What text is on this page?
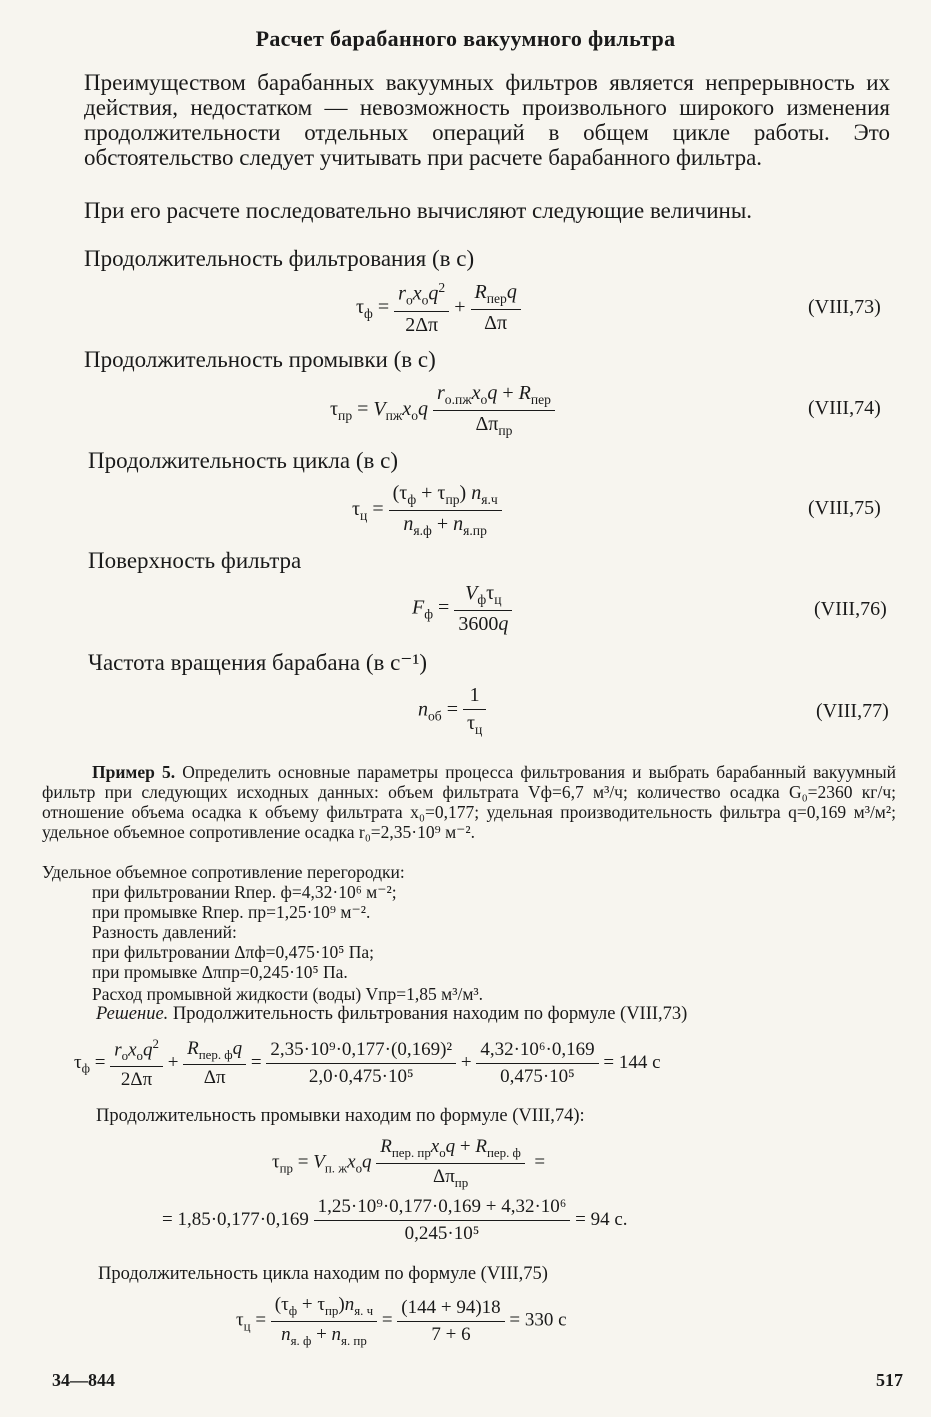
Расчет барабанного вакуумного фильтра
Преимуществом барабанных вакуумных фильтров является непрерывность их действия, недостатком — невозможность произвольного широкого изменения продолжительности отдельных операций в общем цикле работы. Это обстоятельство следует учитывать при расчете барабанного фильтра.
При его расчете последовательно вычисляют следующие величины.
Продолжительность фильтрования (в с)
$\tau_ф = \frac{r_оx_оq^2}{2\Delta\pi} + \frac{R_{пер}q}{\Delta\pi}$	(VIII,73)
Продолжительность промывки (в с)
$\tau_{пр} = V_{пж}x_оq \frac{r_{о.пж}x_оq + R_{пер}}{\Delta\pi_{пр}}$	(VIII,74)
Продолжительность цикла (в с)
$\tau_ц = \frac{(\tau_ф + \tau_{пр}) n_{я.ч}}{n_{я.ф} + n_{я.пр}}$	(VIII,75)
Поверхность фильтра
$F_ф = \frac{V_ф\tau_ц}{3600q}$	(VIII,76)
Частота вращения барабана (в с⁻¹)
$n_{об} = \frac{1}{\tau_ц}$	(VIII,77)
Пример 5. Определить основные параметры процесса фильтрования и выбрать барабанный вакуумный фильтр при следующих исходных данных: объем фильтрата Vф=6,7 м³/ч; количество осадка G₀=2360 кг/ч; отношение объема осадка к объему фильтрата x₀=0,177; удельная производительность фильтра q=0,169 м³/м²; удельное объемное сопротивление осадка r₀=2,35·10⁹ м⁻².
Удельное объемное сопротивление перегородки:
при фильтровании Rпер. ф=4,32·10⁶ м⁻²;
при промывке Rпер. пр=1,25·10⁹ м⁻².
Разность давлений:
при фильтровании Δπф=0,475·10⁵ Па;
при промывке Δπпр=0,245·10⁵ Па.
Расход промывной жидкости (воды) Vпр=1,85 м³/м³.
Решение. Продолжительность фильтрования находим по формуле (VIII,73)
$\tau_ф = \frac{r_оx_оq^2}{2\Delta\pi} + \frac{R_{пер. ф}q}{\Delta\pi} = \frac{\text{2,35·10⁹·0,177·(0,169)²}}{\text{2,0·0,475·10⁵}} + \frac{\text{4,32·10⁶·0,169}}{\text{0,475·10⁵}} = 144$ с
Продолжительность промывки находим по формуле (VIII,74):
$\tau_{пр} = V_{п. ж}x_оq \frac{R_{пер. пр}x_оq + R_{пер. ф}}{\Delta\pi_{пр}}$ =
= $1,85\cdot 0,177\cdot 0,169 \frac{\text{1,25·10⁹·0,177·0,169 + 4,32·10⁶}}{\text{0,245·10⁵}} = 94$ с.
Продолжительность цикла находим по формуле (VIII,75)
$\tau_ц = \frac{(\tau_ф + \tau_{пр})n_{я. ч}}{n_{я. ф} + n_{я. пр}} = \frac{(144 + 94)18}{7 + 6} = 330$ с
34—844	517
